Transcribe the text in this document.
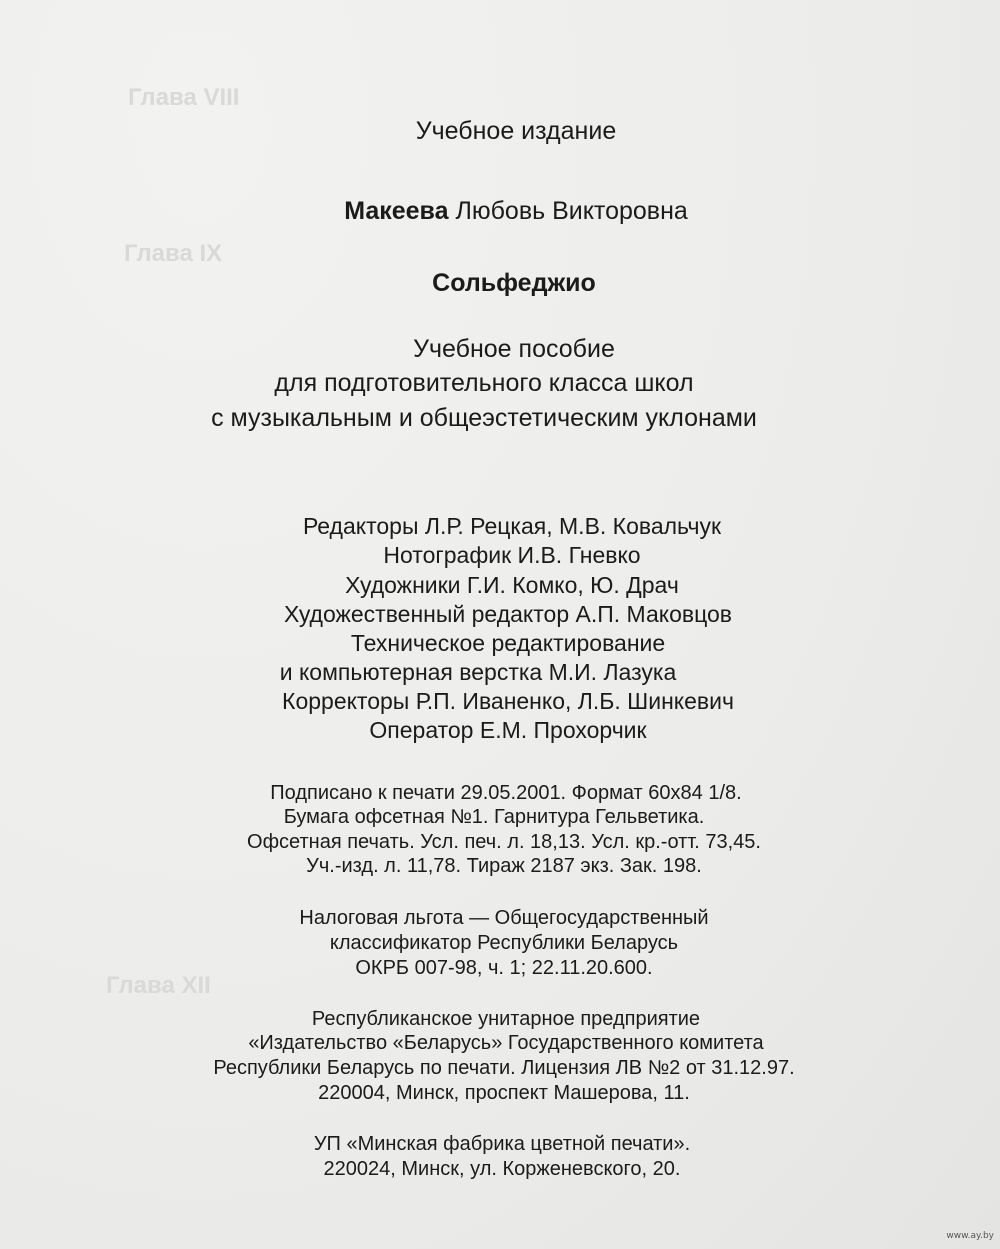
Глава VIII
Глава IX
Глава XII
Учебное издание
Макеева Любовь Викторовна
Сольфеджио
Учебное пособие
для подготовительного класса школ
с музыкальным и общеэстетическим уклонами
Редакторы Л.Р. Рецкая, М.В. Ковальчук
Нотографик И.В. Гневко
Художники Г.И. Комко, Ю. Драч
Художественный редактор А.П. Маковцов
Техническое редактирование
и компьютерная верстка М.И. Лазука
Корректоры Р.П. Иваненко, Л.Б. Шинкевич
Оператор Е.М. Прохорчик
Подписано к печати 29.05.2001. Формат 60х84 1/8.
Бумага офсетная №1. Гарнитура Гельветика.
Офсетная печать. Усл. печ. л. 18,13. Усл. кр.-отт. 73,45.
Уч.-изд. л. 11,78. Тираж 2187 экз. Зак. 198.
Налоговая льгота — Общегосударственный
классификатор Республики Беларусь
ОКРБ 007-98, ч. 1; 22.11.20.600.
Республиканское унитарное предприятие
«Издательство «Беларусь» Государственного комитета
Республики Беларусь по печати. Лицензия ЛВ №2 от 31.12.97.
220004, Минск, проспект Машерова, 11.
УП «Минская фабрика цветной печати».
220024, Минск, ул. Корженевского, 20.
www.ay.by
